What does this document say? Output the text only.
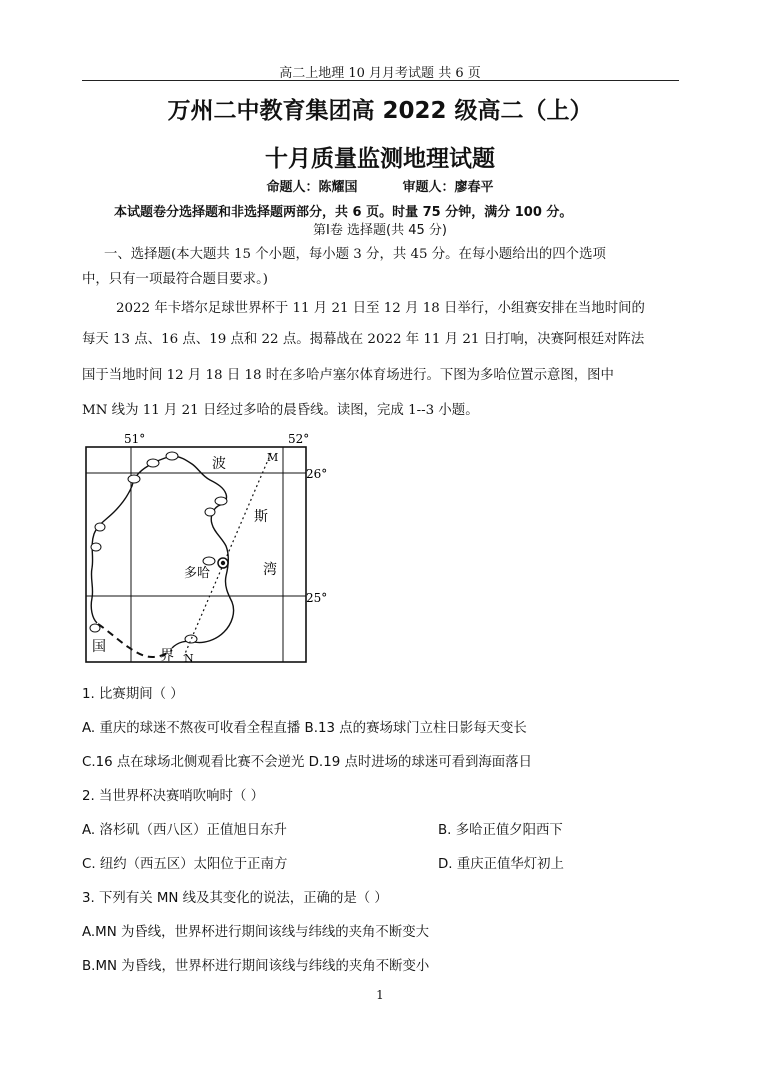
高二上地理 10 月月考试题 共 6 页
万州二中教育集团高 2022 级高二（上）
十月质量监测地理试题
命题人：陈耀国	审题人：廖春平
本试题卷分选择题和非选择题两部分，共 6 页。时量 75 分钟，满分 100 分。
第Ⅰ卷 选择题(共 45 分)
一、选择题(本大题共 15 个小题，每小题 3 分，共 45 分。在每小题给出的四个选项
中，只有一项最符合题目要求。)
2022 年卡塔尔足球世界杯于 11 月 21 日至 12 月 18 日举行，小组赛安排在当地时间的
每天 13 点、16 点、19 点和 22 点。揭幕战在 2022 年 11 月 21 日打响，决赛阿根廷对阵法
国于当地时间 12 月 18 日 18 时在多哈卢塞尔体育场进行。下图为多哈位置示意图，图中
MN 线为 11 月 21 日经过多哈的晨昏线。读图，完成 1--3 小题。
51°	52°
26°
25°
波
斯
湾
多哈
M
N
国
界
1. 比赛期间（ ）
A. 重庆的球迷不熬夜可收看全程直播 B.13 点的赛场球门立柱日影每天变长
C.16 点在球场北侧观看比赛不会逆光 D.19 点时进场的球迷可看到海面落日
2. 当世界杯决赛哨吹响时（ ）
A. 洛杉矶（西八区）正值旭日东升	B. 多哈正值夕阳西下
C. 纽约（西五区）太阳位于正南方	D. 重庆正值华灯初上
3. 下列有关 MN 线及其变化的说法，正确的是（ ）
A.MN 为昏线，世界杯进行期间该线与纬线的夹角不断变大
B.MN 为昏线，世界杯进行期间该线与纬线的夹角不断变小
1
